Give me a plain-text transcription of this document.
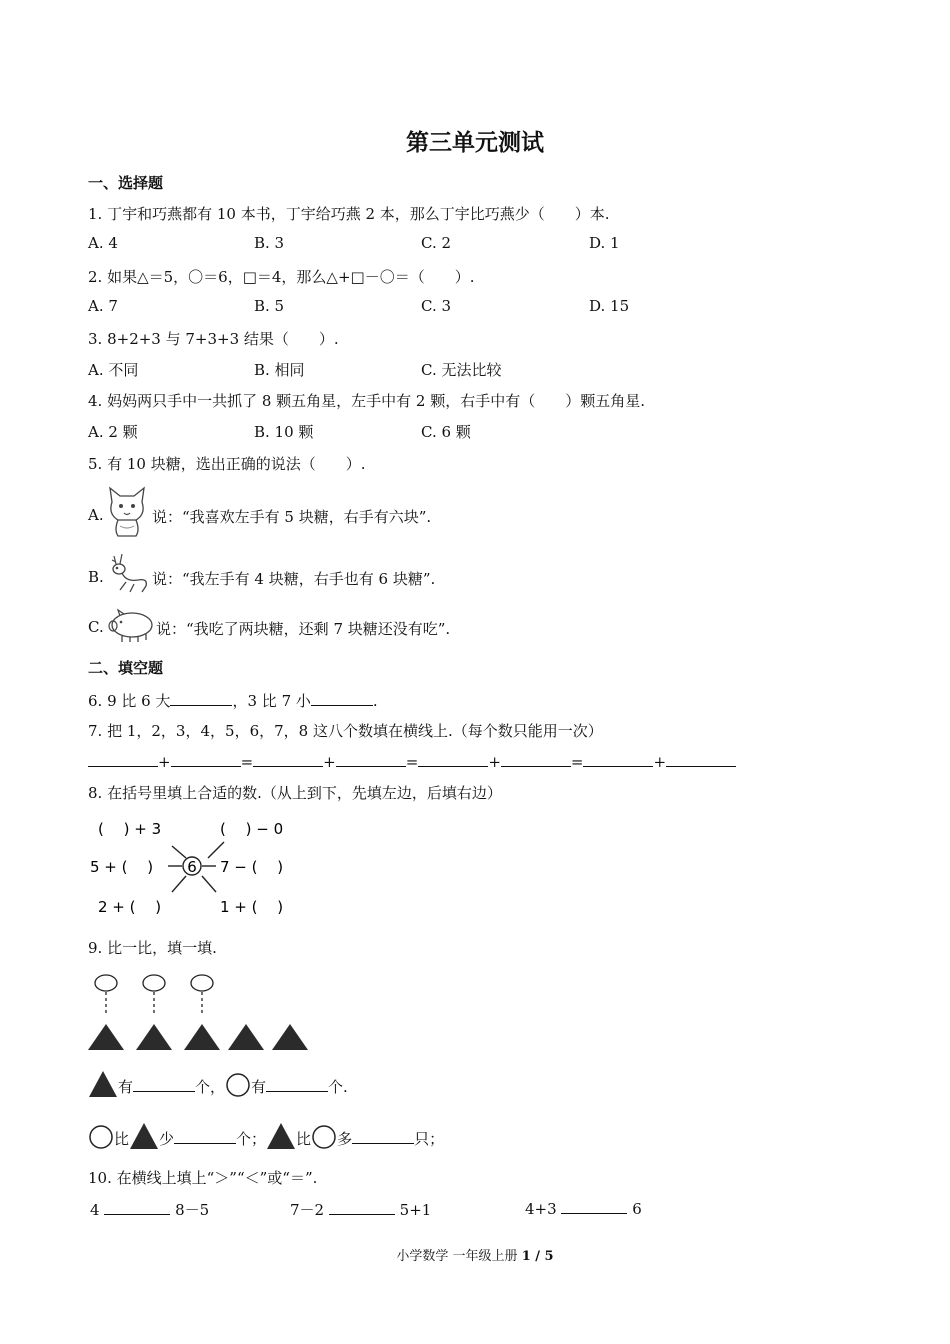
第三单元测试
一、选择题
1. 丁宇和巧燕都有 10 本书，丁宇给巧燕 2 本，那么丁宇比巧燕少（　　）本.
A. 4	B. 3	C. 2	D. 1
2. 如果△＝5，〇＝6，□＝4，那么△+□－〇＝（　　）.
A. 7	B. 5	C. 3	D. 15
3. 8+2+3 与 7+3+3 结果（　　）.
A. 不同	B. 相同	C. 无法比较
4. 妈妈两只手中一共抓了 8 颗五角星，左手中有 2 颗，右手中有（　　）颗五角星.
A. 2 颗	B. 10 颗	C. 6 颗
5. 有 10 块糖，选出正确的说法（　　）.
A.	说：“我喜欢左手有 5 块糖，右手有六块”.
B.	说：“我左手有 4 块糖，右手也有 6 块糖”.
C.	说：“我吃了两块糖，还剩 7 块糖还没有吃”.
二、填空题
6. 9 比 6 大	，3 比 7 小	.
7. 把 1，2，3，4，5，6，7，8 这八个数填在横线上.（每个数只能用一次）
+	=	+	=	+	=	+
8. 在括号里填上合适的数.（从上到下，先填左边，后填右边）
6
(　 ) + 3	(　 ) − 0
5 + (　 )	7 − (　 )
2 + (　 )	1 + (　 )
9. 比一比，填一填.
有	个， 有	个.
比 少	个； 比 多	只；
10. 在横线上填上“＞”“＜”或“＝”.
4	8－5	7－2	5+1	4+3	6
小学数学 一年级上册 1 / 5
